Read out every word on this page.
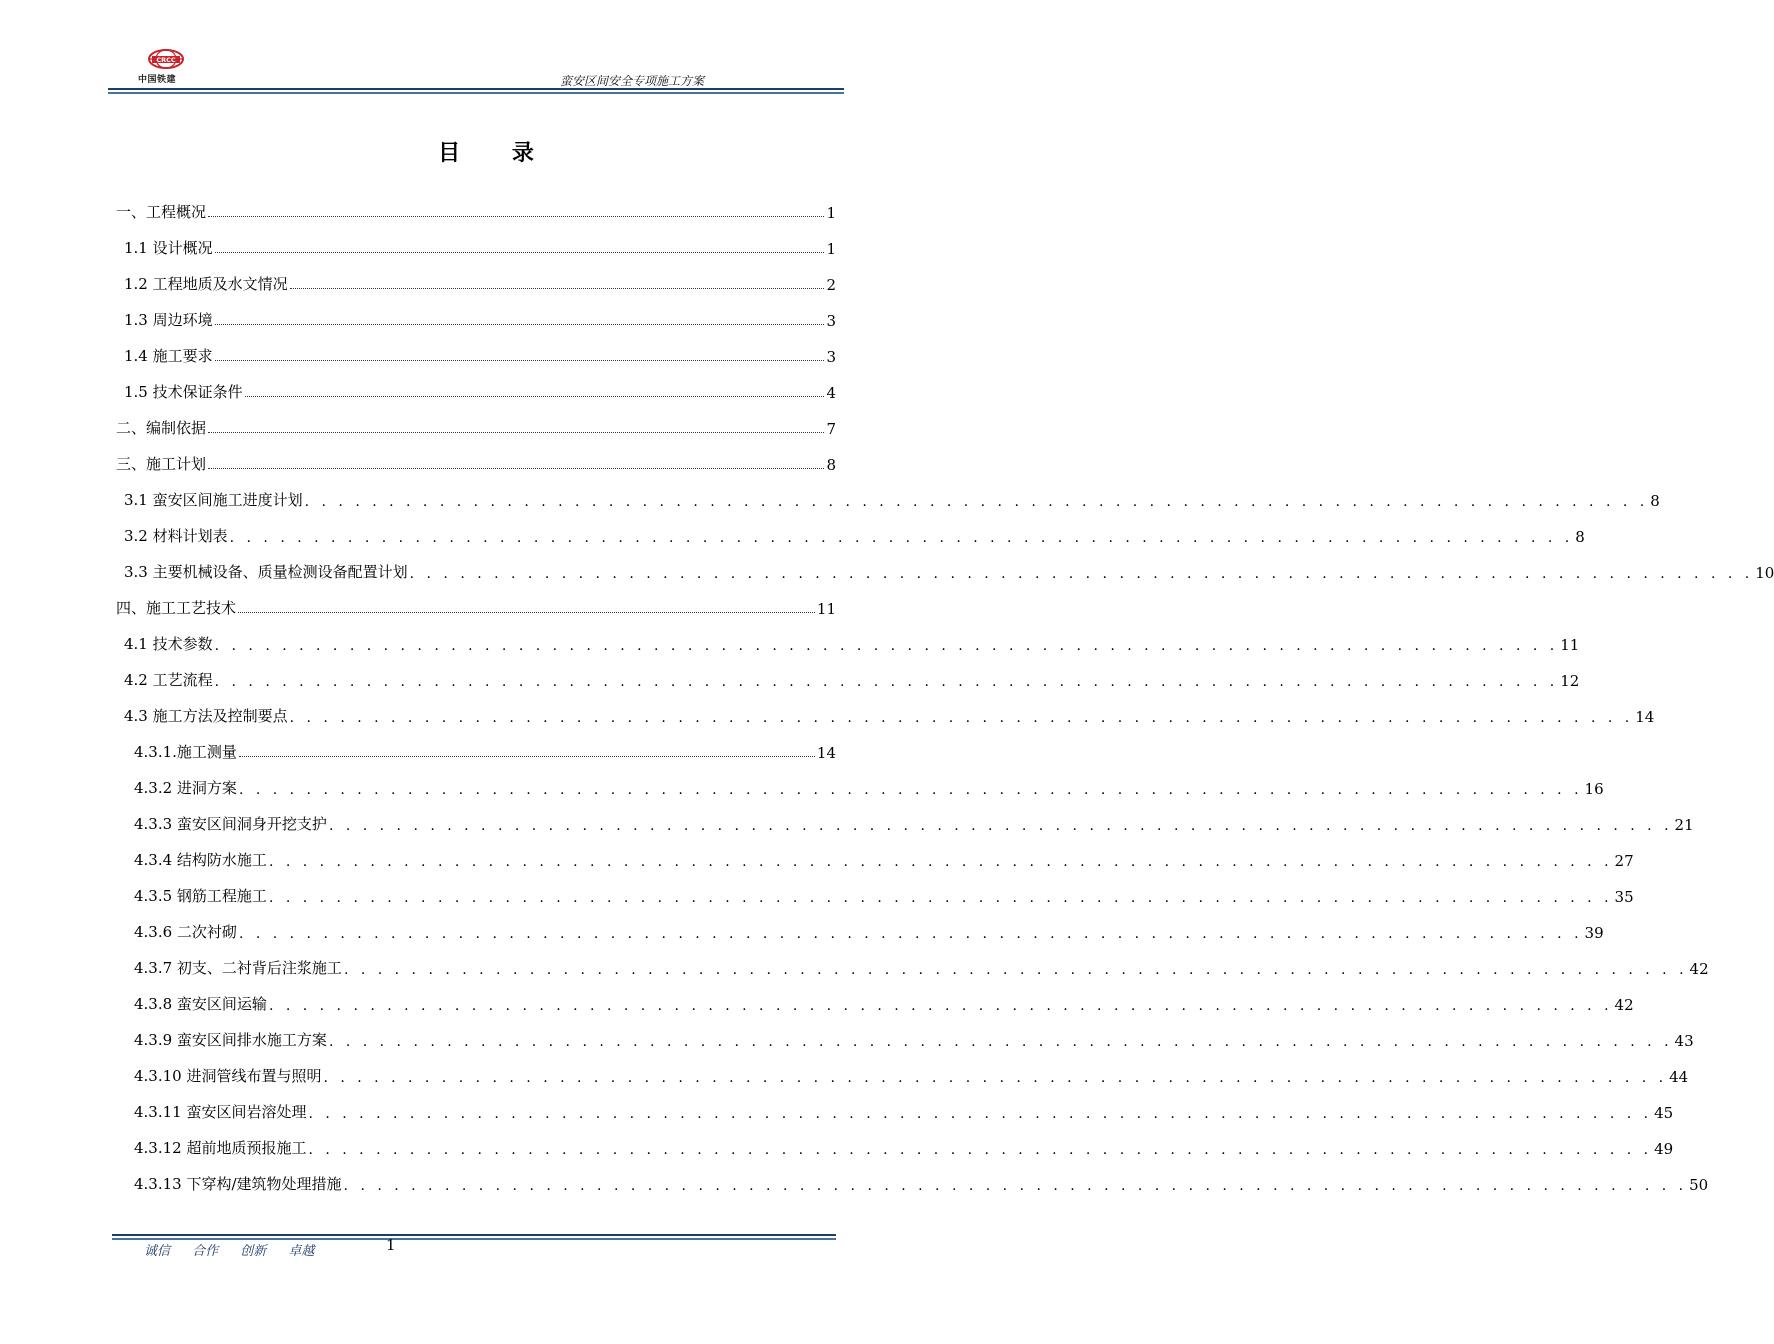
CRCC
中国铁建	蛮安区间安全专项施工方案
目 录
一、工程概况	1
1.1 设计概况	1
1.2 工程地质及水文情况	2
1.3 周边环境	3
1.4 施工要求	3
1.5 技术保证条件	4
二、编制依据	7
三、施工计划	8
3.1 蛮安区间施工进度计划 . . . . . . . . . . . . . . . . . . . . . . . . . . . . . . . . . . . . . . . . . . . . . . . . . . . . . . . . . . . . . . . . . . . . . . . . . . . . . . . . 8
3.2 材料计划表 . . . . . . . . . . . . . . . . . . . . . . . . . . . . . . . . . . . . . . . . . . . . . . . . . . . . . . . . . . . . . . . . . . . . . . . . . . . . . . . . 8
3.3 主要机械设备、质量检测设备配置计划 . . . . . . . . . . . . . . . . . . . . . . . . . . . . . . . . . . . . . . . . . . . . . . . . . . . . . . . . . . . . . . . . . . . . . . . . . . . . . . . . 10
四、施工工艺技术	11
4.1 技术参数 . . . . . . . . . . . . . . . . . . . . . . . . . . . . . . . . . . . . . . . . . . . . . . . . . . . . . . . . . . . . . . . . . . . . . . . . . . . . . . . . 11
4.2 工艺流程 . . . . . . . . . . . . . . . . . . . . . . . . . . . . . . . . . . . . . . . . . . . . . . . . . . . . . . . . . . . . . . . . . . . . . . . . . . . . . . . . 12
4.3 施工方法及控制要点 . . . . . . . . . . . . . . . . . . . . . . . . . . . . . . . . . . . . . . . . . . . . . . . . . . . . . . . . . . . . . . . . . . . . . . . . . . . . . . . . 14
4.3.1.施工测量	14
4.3.2 进洞方案 . . . . . . . . . . . . . . . . . . . . . . . . . . . . . . . . . . . . . . . . . . . . . . . . . . . . . . . . . . . . . . . . . . . . . . . . . . . . . . . . 16
4.3.3 蛮安区间洞身开挖支护 . . . . . . . . . . . . . . . . . . . . . . . . . . . . . . . . . . . . . . . . . . . . . . . . . . . . . . . . . . . . . . . . . . . . . . . . . . . . . . . . 21
4.3.4 结构防水施工 . . . . . . . . . . . . . . . . . . . . . . . . . . . . . . . . . . . . . . . . . . . . . . . . . . . . . . . . . . . . . . . . . . . . . . . . . . . . . . . . 27
4.3.5 钢筋工程施工 . . . . . . . . . . . . . . . . . . . . . . . . . . . . . . . . . . . . . . . . . . . . . . . . . . . . . . . . . . . . . . . . . . . . . . . . . . . . . . . . 35
4.3.6 二次衬砌 . . . . . . . . . . . . . . . . . . . . . . . . . . . . . . . . . . . . . . . . . . . . . . . . . . . . . . . . . . . . . . . . . . . . . . . . . . . . . . . . 39
4.3.7 初支、二衬背后注浆施工 . . . . . . . . . . . . . . . . . . . . . . . . . . . . . . . . . . . . . . . . . . . . . . . . . . . . . . . . . . . . . . . . . . . . . . . . . . . . . . . . 42
4.3.8 蛮安区间运输 . . . . . . . . . . . . . . . . . . . . . . . . . . . . . . . . . . . . . . . . . . . . . . . . . . . . . . . . . . . . . . . . . . . . . . . . . . . . . . . . 42
4.3.9 蛮安区间排水施工方案 . . . . . . . . . . . . . . . . . . . . . . . . . . . . . . . . . . . . . . . . . . . . . . . . . . . . . . . . . . . . . . . . . . . . . . . . . . . . . . . . 43
4.3.10 进洞管线布置与照明 . . . . . . . . . . . . . . . . . . . . . . . . . . . . . . . . . . . . . . . . . . . . . . . . . . . . . . . . . . . . . . . . . . . . . . . . . . . . . . . . 44
4.3.11 蛮安区间岩溶处理 . . . . . . . . . . . . . . . . . . . . . . . . . . . . . . . . . . . . . . . . . . . . . . . . . . . . . . . . . . . . . . . . . . . . . . . . . . . . . . . . 45
4.3.12 超前地质预报施工 . . . . . . . . . . . . . . . . . . . . . . . . . . . . . . . . . . . . . . . . . . . . . . . . . . . . . . . . . . . . . . . . . . . . . . . . . . . . . . . . 49
4.3.13 下穿构/建筑物处理措施 . . . . . . . . . . . . . . . . . . . . . . . . . . . . . . . . . . . . . . . . . . . . . . . . . . . . . . . . . . . . . . . . . . . . . . . . . . . . . . . . 50
诚信 合作 创新 卓越	1
